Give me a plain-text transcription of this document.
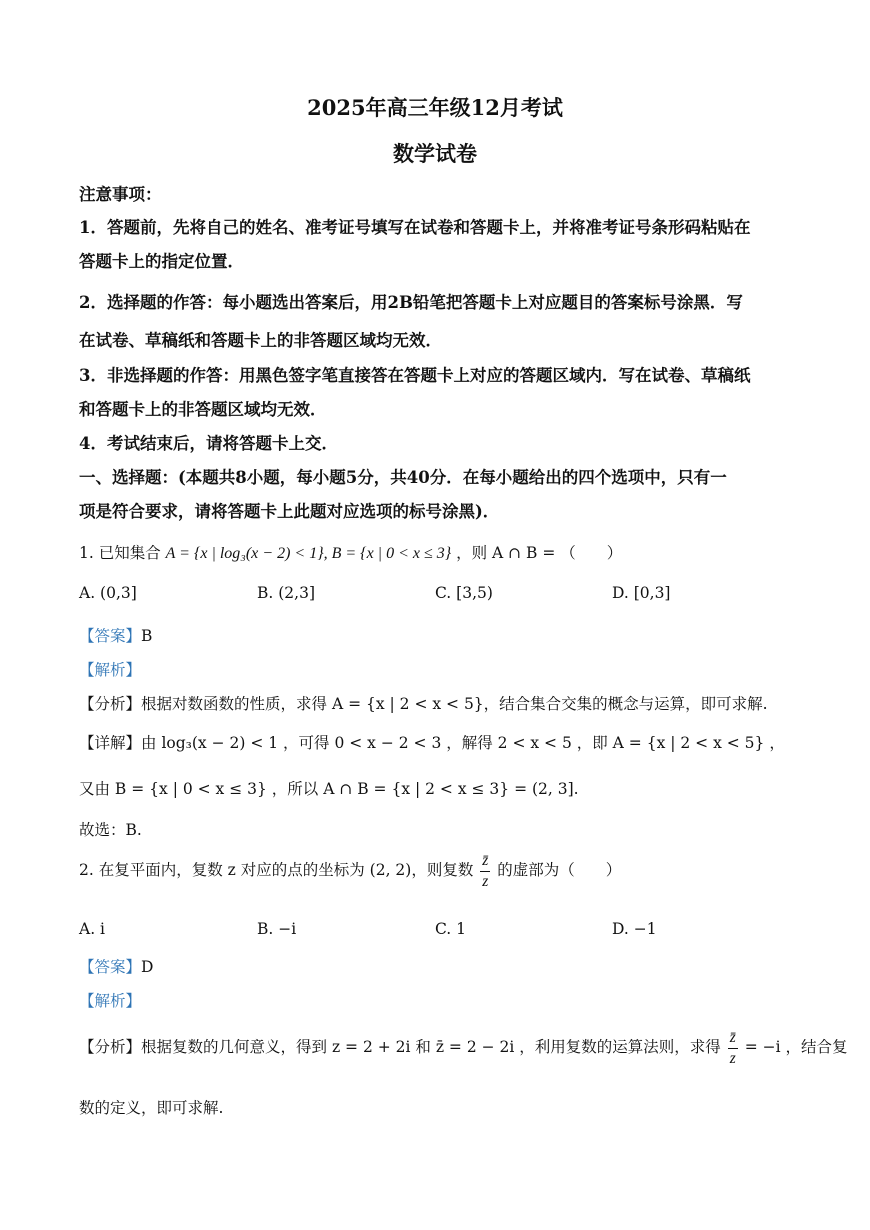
2025年高三年级12月考试
数学试卷
注意事项：
1．答题前，先将自己的姓名、准考证号填写在试卷和答题卡上，并将准考证号条形码粘贴在
答题卡上的指定位置．
2．选择题的作答：每小题选出答案后，用2B铅笔把答题卡上对应题目的答案标号涂黑．写
在试卷、草稿纸和答题卡上的非答题区域均无效．
3．非选择题的作答：用黑色签字笔直接答在答题卡上对应的答题区域内．写在试卷、草稿纸
和答题卡上的非答题区域均无效．
4．考试结束后，请将答题卡上交．
一、选择题：(本题共8小题，每小题5分，共40分．在每小题给出的四个选项中，只有一
项是符合要求，请将答题卡上此题对应选项的标号涂黑)．
1. 已知集合 A = {x | log₃(x − 2) < 1}, B = {x | 0 < x ≤ 3} ，则 A ∩ B = （　　）
A. (0,3]	B. (2,3]	C. [3,5)	D. [0,3]
【答案】B
【解析】
【分析】根据对数函数的性质，求得 A = {x | 2 < x < 5}，结合集合交集的概念与运算，即可求解.
【详解】由 log₃(x − 2) < 1 ，可得 0 < x − 2 < 3 ，解得 2 < x < 5 ，即 A = {x | 2 < x < 5} ，
又由 B = {x | 0 < x ≤ 3} ，所以 A ∩ B = {x | 2 < x ≤ 3} = (2, 3].
故选：B.
2. 在复平面内，复数 z 对应的点的坐标为 (2, 2)，则复数 $\frac{z̄}{z}$ 的虚部为（　　）
A. i	B. −i	C. 1	D. −1
【答案】D
【解析】
【分析】根据复数的几何意义，得到 z = 2 + 2i 和 z̄ = 2 − 2i ，利用复数的运算法则，求得 $\frac{z̄}{z} = -i$ ，结合复
数的定义，即可求解.
